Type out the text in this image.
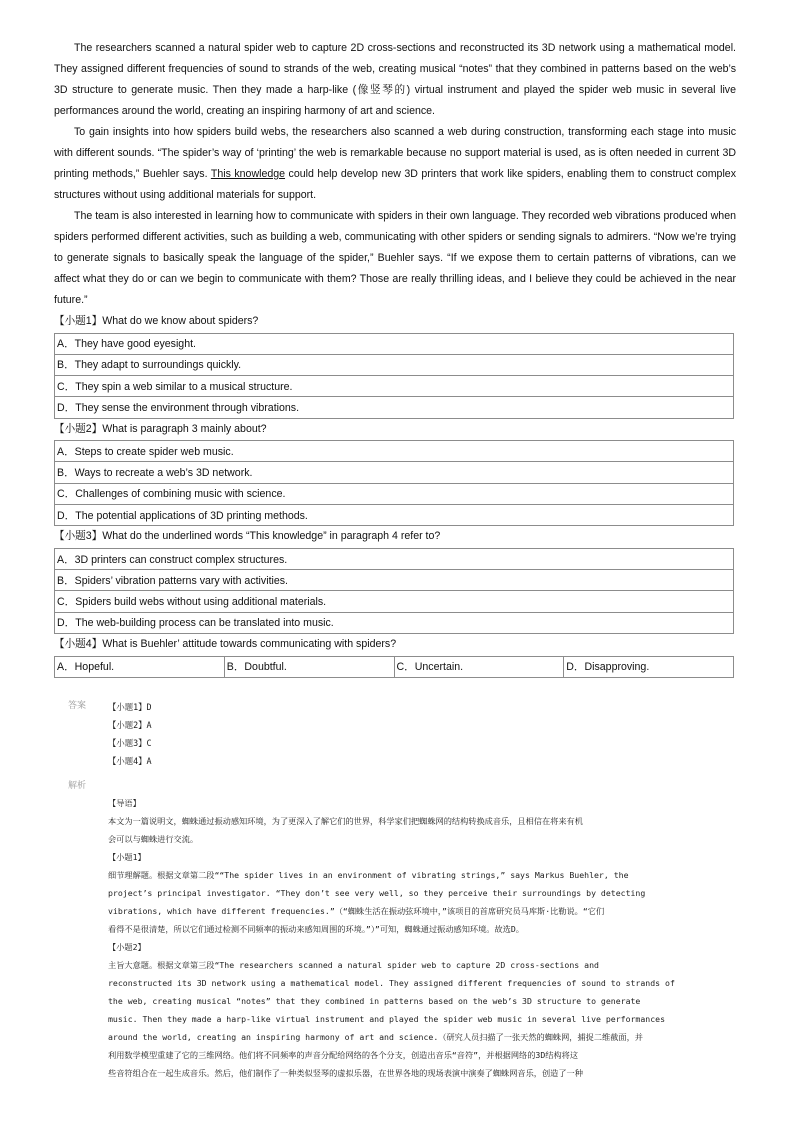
The researchers scanned a natural spider web to capture 2D cross-sections and reconstructed its 3D network using a mathematical model. They assigned different frequencies of sound to strands of the web, creating musical “notes” that they combined in patterns based on the web’s 3D structure to generate music. Then they made a harp-like (像竖琴的) virtual instrument and played the spider web music in several live performances around the world, creating an inspiring harmony of art and science.

To gain insights into how spiders build webs, the researchers also scanned a web during construction, transforming each stage into music with different sounds. “The spider’s way of ‘printing’ the web is remarkable because no support material is used, as is often needed in current 3D printing methods,” Buehler says. This knowledge could help develop new 3D printers that work like spiders, enabling them to construct complex structures without using additional materials for support.

The team is also interested in learning how to communicate with spiders in their own language. They recorded web vibrations produced when spiders performed different activities, such as building a web, communicating with other spiders or sending signals to admirers. “Now we’re trying to generate signals to basically speak the language of the spider,” Buehler says. “If we expose them to certain patterns of vibrations, can we affect what they do or can we begin to communicate with them? Those are really thrilling ideas, and I believe they could be achieved in the near future.”

【小题1】What do we know about spiders?

A．They have good eyesight.
B．They adapt to surroundings quickly.
C．They spin a web similar to a musical structure.
D．They sense the environment through vibrations.

【小题2】What is paragraph 3 mainly about?

A．Steps to create spider web music.
B．Ways to recreate a web’s 3D network.
C．Challenges of combining music with science.
D．The potential applications of 3D printing methods.

【小题3】What do the underlined words “This knowledge” in paragraph 4 refer to?

A．3D printers can construct complex structures.
B．Spiders’ vibration patterns vary with activities.
C．Spiders build webs without using additional materials.
D．The web-building process can be translated into music.

【小题4】What is Buehler’ attitude towards communicating with spiders?

A．Hopeful.	B．Doubtful.	C．Uncertain.	D．Disapproving.
答案	【小题1】D
【小题2】A
【小题3】C
【小题4】A
解析
【导语】
本文为一篇说明文，蜘蛛通过振动感知环境，为了更深入了解它们的世界，科学家们把蜘蛛网的结构转换成音乐，且相信在将来有机
会可以与蜘蛛进行交流。
【小题1】
细节理解题。根据文章第二段““The spider lives in an environment of vibrating strings,” says Markus Buehler, the
project’s principal investigator. “They don’t see very well, so they perceive their surroundings by detecting
vibrations, which have different frequencies.”（“蜘蛛生活在振动弦环境中，”该项目的首席研究员马库斯·比勒说。“它们
看得不是很清楚，所以它们通过检测不同频率的振动来感知周围的环境。”）”可知，蜘蛛通过振动感知环境。故选D。
【小题2】
主旨大意题。根据文章第三段“The researchers scanned a natural spider web to capture 2D cross-sections and
reconstructed its 3D network using a mathematical model. They assigned different frequencies of sound to strands of
the web, creating musical “notes” that they combined in patterns based on the web’s 3D structure to generate
music. Then they made a harp-like virtual instrument and played the spider web music in several live performances
around the world, creating an inspiring harmony of art and science.（研究人员扫描了一张天然的蜘蛛网，捕捉二维截面，并
利用数学模型重建了它的三维网络。他们将不同频率的声音分配给网络的各个分支，创造出音乐“音符”，并根据网络的3D结构将这
些音符组合在一起生成音乐。然后，他们制作了一种类似竖琴的虚拟乐器，在世界各地的现场表演中演奏了蜘蛛网音乐，创造了一种
